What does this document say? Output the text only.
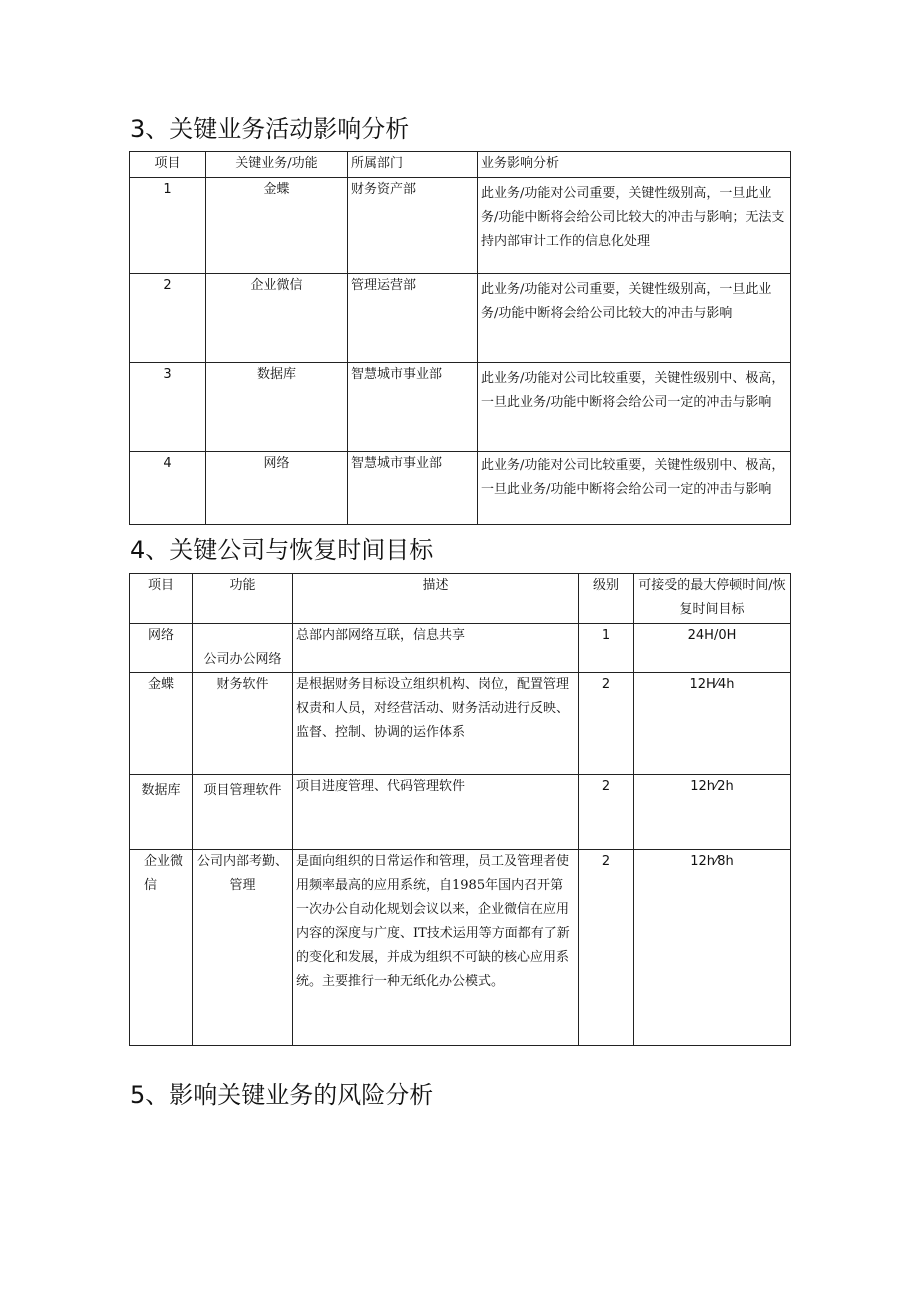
3、关键业务活动影响分析
项目	关键业务/功能	所属部门	业务影响分析
1	金蝶	财务资产部	此业务/功能对公司重要，关键性级别高，一旦此业务/功能中断将会给公司比较大的冲击与影响；无法支持内部审计工作的信息化处理
2	企业微信	管理运营部	此业务/功能对公司重要，关键性级别高，一旦此业务/功能中断将会给公司比较大的冲击与影响
3	数据库	智慧城市事业部	此业务/功能对公司比较重要，关键性级别中、极高，一旦此业务/功能中断将会给公司一定的冲击与影响
4	网络	智慧城市事业部	此业务/功能对公司比较重要，关键性级别中、极高，一旦此业务/功能中断将会给公司一定的冲击与影响
4、关键公司与恢复时间目标
项目	功能	描述	级别	可接受的最大停顿时间/恢复时间目标
网络	公司办公网络	总部内部网络互联，信息共享	1	24H/0H
金蝶	财务软件	是根据财务目标设立组织机构、岗位，配置管理权责和人员，对经营活动、财务活动进行反映、监督、控制、协调的运作体系	2	12H⁄4h
数据库	项目管理软件	项目进度管理、代码管理软件	2	12h⁄2h
企业微信	公司内部考勤、管理	是面向组织的日常运作和管理，员工及管理者使用频率最高的应用系统，自1985年国内召开第一次办公自动化规划会议以来，企业微信在应用内容的深度与广度、IT技术运用等方面都有了新的变化和发展，并成为组织不可缺的核心应用系统。主要推行一种无纸化办公模式。	2	12h⁄8h
5、影响关键业务的风险分析
